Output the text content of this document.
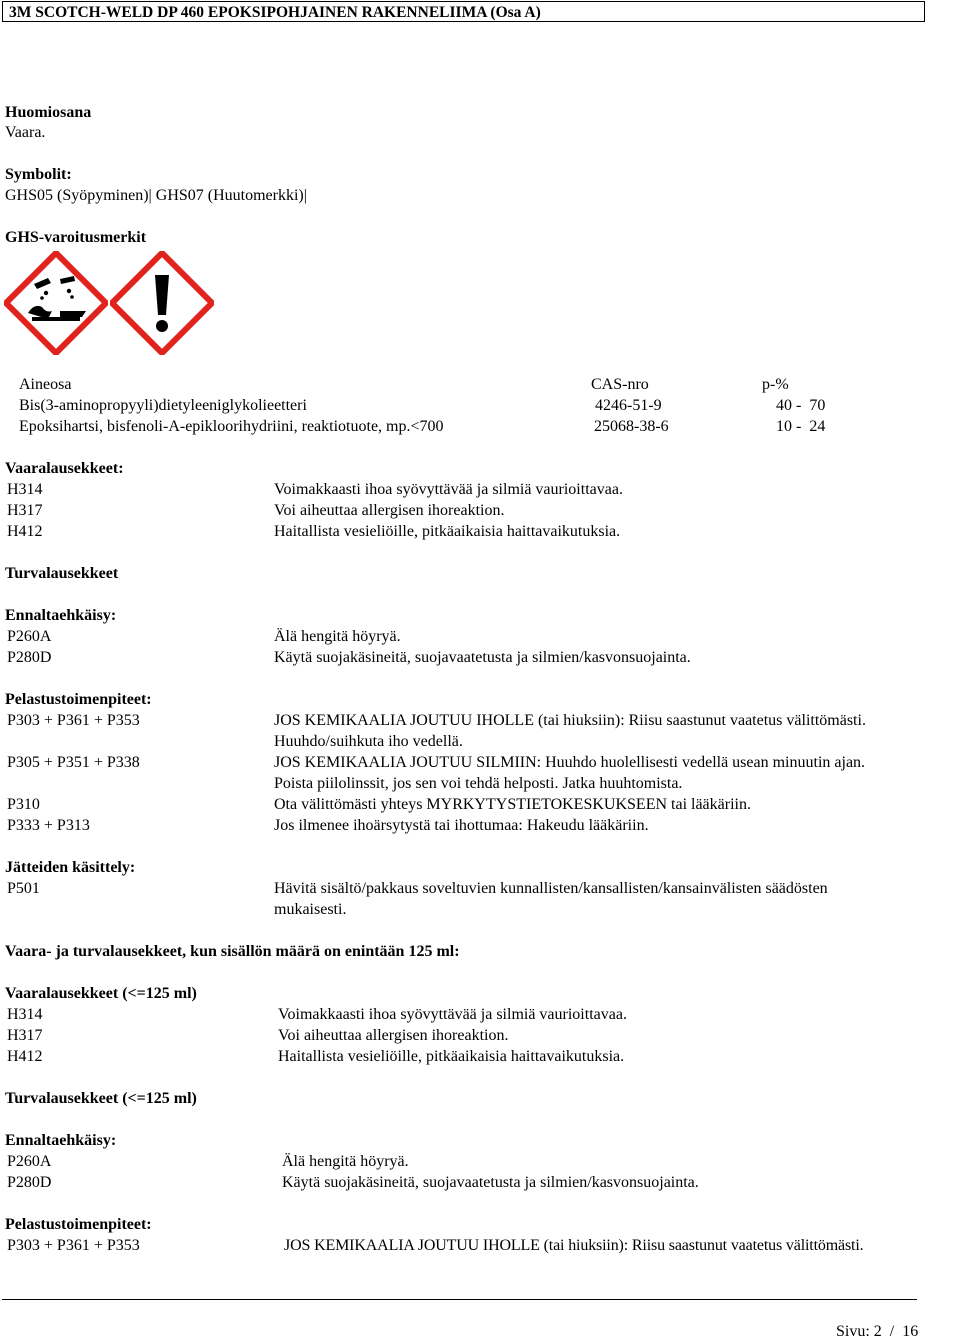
3M SCOTCH-WELD DP 460 EPOKSIPOHJAINEN RAKENNELIIMA (Osa A)
Huomiosana
Vaara.
Symbolit:
GHS05 (Syöpyminen)| GHS07 (Huutomerkki)|
GHS-varoitusmerkit
Aineosa	CAS-nro	p-%
Bis(3-aminopropyyli)dietyleeniglykolieetteri	4246-51-9	40 -  70
Epoksihartsi, bisfenoli-A-epikloorihydriini, reaktiotuote, mp.<700	25068-38-6	10 -  24
Vaaralausekkeet:
H314	Voimakkaasti ihoa syövyttävää ja silmiä vaurioittavaa.
H317	Voi aiheuttaa allergisen ihoreaktion.
H412	Haitallista vesieliöille, pitkäaikaisia haittavaikutuksia.
Turvalausekkeet
Ennaltaehkäisy:
P260A	Älä hengitä höyryä.
P280D	Käytä suojakäsineitä, suojavaatetusta ja silmien/kasvonsuojainta.
Pelastustoimenpiteet:
P303 + P361 + P353	JOS KEMIKAALIA JOUTUU IHOLLE (tai hiuksiin): Riisu saastunut vaatetus välittömästi.
Huuhdo/suihkuta iho vedellä.
P305 + P351 + P338	JOS KEMIKAALIA JOUTUU SILMIIN: Huuhdo huolellisesti vedellä usean minuutin ajan.
Poista piilolinssit, jos sen voi tehdä helposti. Jatka huuhtomista.
P310	Ota välittömästi yhteys MYRKYTYSTIETOKESKUKSEEN tai lääkäriin.
P333 + P313	Jos ilmenee ihoärsytystä tai ihottumaa: Hakeudu lääkäriin.
Jätteiden käsittely:
P501	Hävitä sisältö/pakkaus soveltuvien kunnallisten/kansallisten/kansainvälisten säädösten
mukaisesti.
Vaara- ja turvalausekkeet, kun sisällön määrä on enintään 125 ml:
Vaaralausekkeet (<=125 ml)
H314	Voimakkaasti ihoa syövyttävää ja silmiä vaurioittavaa.
H317	Voi aiheuttaa allergisen ihoreaktion.
H412	Haitallista vesieliöille, pitkäaikaisia haittavaikutuksia.
Turvalausekkeet (<=125 ml)
Ennaltaehkäisy:
P260A	Älä hengitä höyryä.
P280D	Käytä suojakäsineitä, suojavaatetusta ja silmien/kasvonsuojainta.
Pelastustoimenpiteet:
P303 + P361 + P353	JOS KEMIKAALIA JOUTUU IHOLLE (tai hiuksiin): Riisu saastunut vaatetus välittömästi.
Sivu: 2  /  16
